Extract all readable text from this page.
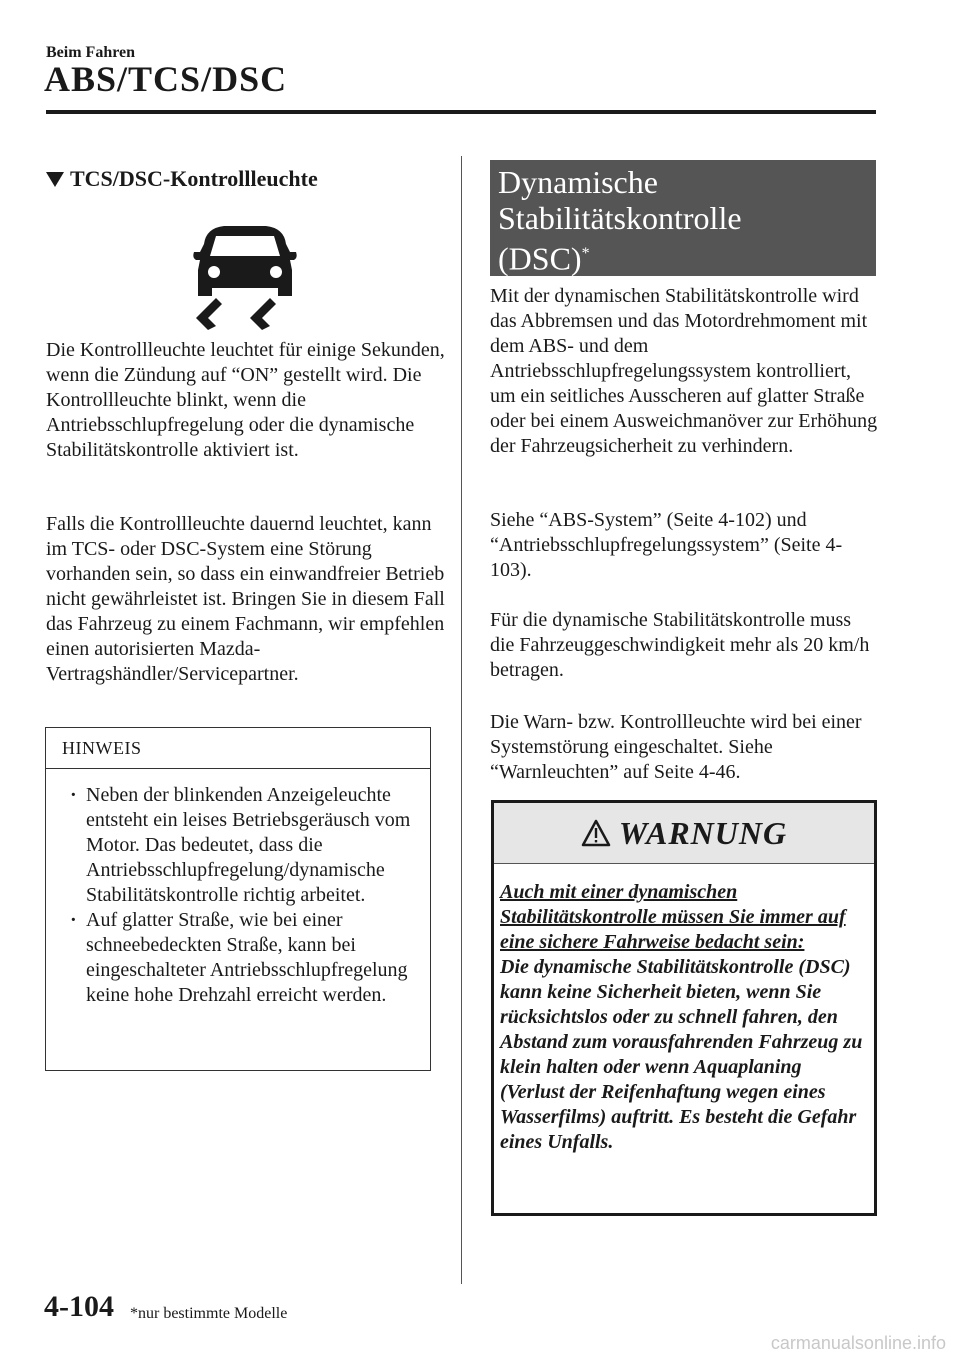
Beim Fahren
ABS/TCS/DSC
TCS/DSC-Kontrollleuchte

Die Kontrollleuchte leuchtet für einige Sekunden, wenn die Zündung auf “ON” gestellt wird. Die Kontrollleuchte blinkt, wenn die Antriebsschlupfregelung oder die dynamische Stabilitätskontrolle aktiviert ist.

Falls die Kontrollleuchte dauernd leuchtet, kann im TCS- oder DSC-System eine Störung vorhanden sein, so dass ein einwandfreier Betrieb nicht gewährleistet ist. Bringen Sie in diesem Fall das Fahrzeug zu einem Fachmann, wir empfehlen einen autorisierten Mazda-Vertragshändler/Servicepartner.

HINWEIS
· Neben der blinkenden Anzeigeleuchte entsteht ein leises Betriebsgeräusch vom Motor. Das bedeutet, dass die Antriebsschlupfregelung/dynamische Stabilitätskontrolle richtig arbeitet.
· Auf glatter Straße, wie bei einer schneebedeckten Straße, kann bei eingeschalteter Antriebsschlupfregelung keine hohe Drehzahl erreicht werden.
Dynamische
Stabilitätskontrolle
(DSC)*

Mit der dynamischen Stabilitätskontrolle wird das Abbremsen und das Motordrehmoment mit dem ABS- und dem Antriebsschlupfregelungssystem kontrolliert, um ein seitliches Ausscheren auf glatter Straße oder bei einem Ausweichmanöver zur Erhöhung der Fahrzeugsicherheit zu verhindern.

Siehe “ABS-System” (Seite 4-102) und “Antriebsschlupfregelungssystem” (Seite 4-103).

Für die dynamische Stabilitätskontrolle muss die Fahrzeuggeschwindigkeit mehr als 20 km/h betragen.

Die Warn- bzw. Kontrollleuchte wird bei einer Systemstörung eingeschaltet. Siehe “Warnleuchten” auf Seite 4-46.

WARNUNG
Auch mit einer dynamischen Stabilitätskontrolle müssen Sie immer auf eine sichere Fahrweise bedacht sein:
Die dynamische Stabilitätskontrolle (DSC) kann keine Sicherheit bieten, wenn Sie rücksichtslos oder zu schnell fahren, den Abstand zum vorausfahrenden Fahrzeug zu klein halten oder wenn Aquaplaning (Verlust der Reifenhaftung wegen eines Wasserfilms) auftritt. Es besteht die Gefahr eines Unfalls.
4-104 *nur bestimmte Modelle
carmanualsonline.info
